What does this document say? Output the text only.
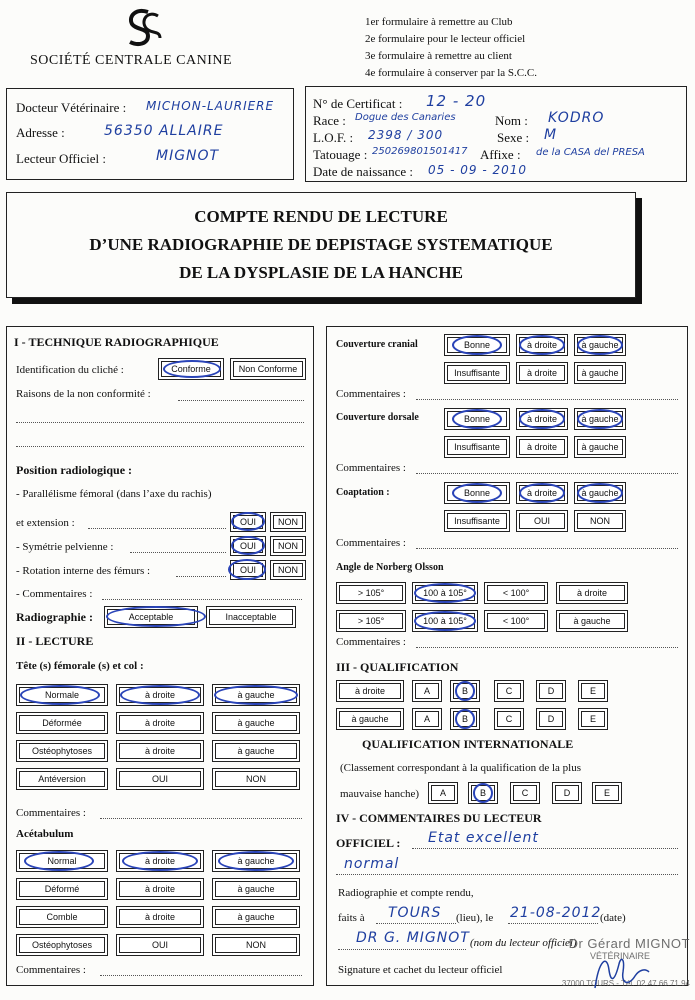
SOCIÉTÉ CENTRALE CANINE
1er formulaire à remettre au Club
2e formulaire pour le lecteur officiel
3e formulaire à remettre au client
4e formulaire à conserver par la S.C.C.
Docteur Vétérinaire : MICHON-LAURIERE
Adresse :	56350 ALLAIRE
Lecteur Officiel :	MIGNOT
N° de Certificat : 12 - 20
Race : Dogue des Canaries	Nom : KODRO
L.O.F. : 2398 / 300	Sexe : M
Tatouage : 250269801501417 Affixe : de la CASA del PRESA
Date de naissance : 05 - 09 - 2010
COMPTE RENDU DE LECTURE
D’UNE RADIOGRAPHIE DE DEPISTAGE SYSTEMATIQUE
DE LA DYSPLASIE DE LA HANCHE
I - TECHNIQUE RADIOGRAPHIQUE
Identification du cliché :	Conforme	Non Conforme
Raisons de la non conformité :
Position radiologique :
- Parallélisme fémoral (dans l’axe du rachis)
et extension :	OUI	NON
- Symétrie pelvienne :	OUI	NON
- Rotation interne des fémurs :	OUI	NON
- Commentaires :
Radiographie :	Acceptable	Inacceptable
II - LECTURE
Tête (s) fémorale (s) et col :
Normale	à droite	à gauche
Déformée	à droite	à gauche
Ostéophytoses	à droite	à gauche
Antéversion	OUI	NON
Commentaires :
Acétabulum
Normal	à droite	à gauche
Déformé	à droite	à gauche
Comble	à droite	à gauche
Ostéophytoses	OUI	NON
Commentaires :
Couverture cranial	Bonne	à droite	à gauche
Insuffisante	à droite	à gauche
Commentaires :
Couverture dorsale	Bonne	à droite	à gauche
Insuffisante	à droite	à gauche
Commentaires :
Coaptation :	Bonne	à droite	à gauche
Insuffisante	OUI	NON
Commentaires :
Angle de Norberg Olsson
> 105°	100 à 105°	< 100°	à droite
> 105°	100 à 105°	< 100°	à gauche
Commentaires :
III - QUALIFICATION
à droite	A	B	C	D	E
à gauche	A	B	C	D	E
QUALIFICATION INTERNATIONALE
(Classement correspondant à la qualification de la plus
mauvaise hanche)	A	B	C	D	E
IV - COMMENTAIRES DU LECTEUR
OFFICIEL : Etat excellent
normal
Radiographie et compte rendu,
faits à TOURS (lieu), le 21-08-2012
(date)
DR G. MIGNOT (nom du lecteur officiel)
Signature et cachet du lecteur officiel
Dr Gérard MIGNOT
VÉTÉRINAIRE
37000 TOURS - Tél. 02.47.66.71.94
